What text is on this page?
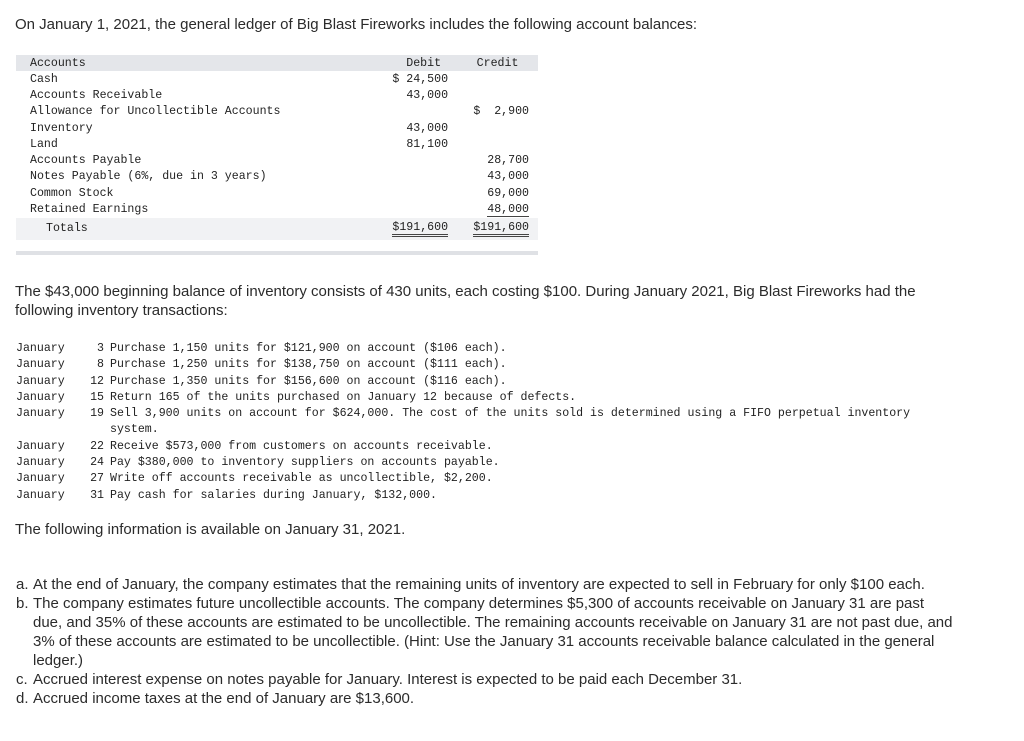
On January 1, 2021, the general ledger of Big Blast Fireworks includes the following account balances:

Accounts	Debit	Credit
Cash	$ 24,500	
Accounts Receivable	43,000	
Allowance for Uncollectible Accounts		$  2,900
Inventory	43,000	
Land	81,100	
Accounts Payable		28,700
Notes Payable (6%, due in 3 years)		43,000
Common Stock		69,000
Retained Earnings		48,000
Totals	$191,600	$191,600

The $43,000 beginning balance of inventory consists of 430 units, each costing $100. During January 2021, Big Blast Fireworks had the following inventory transactions:

January	3 Purchase 1,150 units for $121,900 on account ($106 each).
January	8 Purchase 1,250 units for $138,750 on account ($111 each).
January	12 Purchase 1,350 units for $156,600 on account ($116 each).
January	15 Return 165 of the units purchased on January 12 because of defects.
January	19 Sell 3,900 units on account for $624,000. The cost of the units sold is determined using a FIFO perpetual inventory system.
January	22 Receive $573,000 from customers on accounts receivable.
January	24 Pay $380,000 to inventory suppliers on accounts payable.
January	27 Write off accounts receivable as uncollectible, $2,200.
January	31 Pay cash for salaries during January, $132,000.

The following information is available on January 31, 2021.

a. At the end of January, the company estimates that the remaining units of inventory are expected to sell in February for only $100 each.
b. The company estimates future uncollectible accounts. The company determines $5,300 of accounts receivable on January 31 are past due, and 35% of these accounts are estimated to be uncollectible. The remaining accounts receivable on January 31 are not past due, and 3% of these accounts are estimated to be uncollectible. (Hint: Use the January 31 accounts receivable balance calculated in the general ledger.)
c. Accrued interest expense on notes payable for January. Interest is expected to be paid each December 31.
d. Accrued income taxes at the end of January are $13,600.
